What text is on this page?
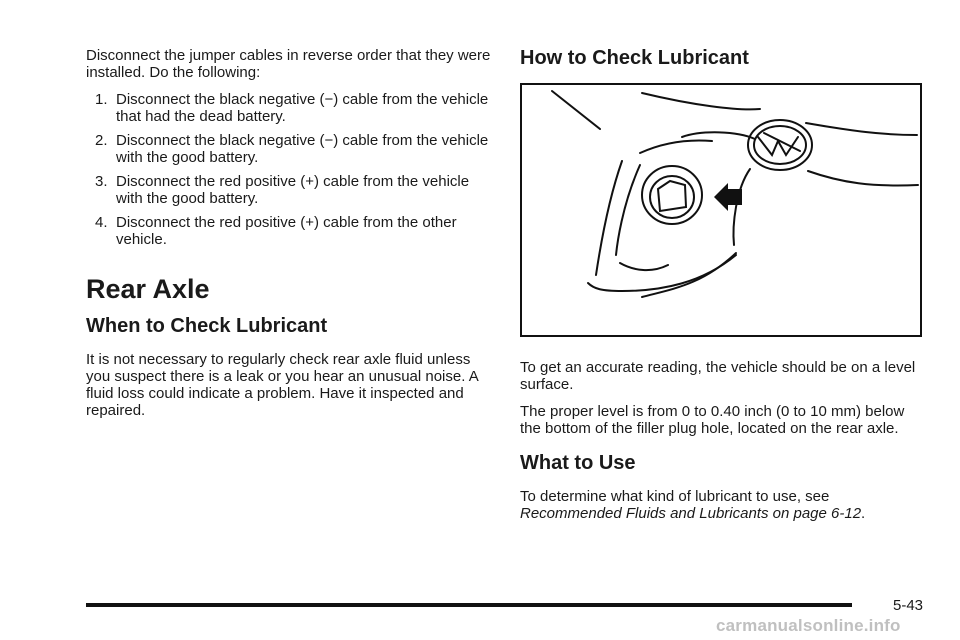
Disconnect the jumper cables in reverse order that they were installed. Do the following:

1. Disconnect the black negative (−) cable from the vehicle that had the dead battery.
2. Disconnect the black negative (−) cable from the vehicle with the good battery.
3. Disconnect the red positive (+) cable from the vehicle with the good battery.
4. Disconnect the red positive (+) cable from the other vehicle.
Rear Axle
When to Check Lubricant

It is not necessary to regularly check rear axle fluid unless you suspect there is a leak or you hear an unusual noise. A fluid loss could indicate a problem. Have it inspected and repaired.

How to Check Lubricant

To get an accurate reading, the vehicle should be on a level surface.

The proper level is from 0 to 0.40 inch (0 to 10 mm) below the bottom of the filler plug hole, located on the rear axle.

What to Use

To determine what kind of lubricant to use, see
Recommended Fluids and Lubricants on page 6-12.

5-43
carmanualsonline.info
